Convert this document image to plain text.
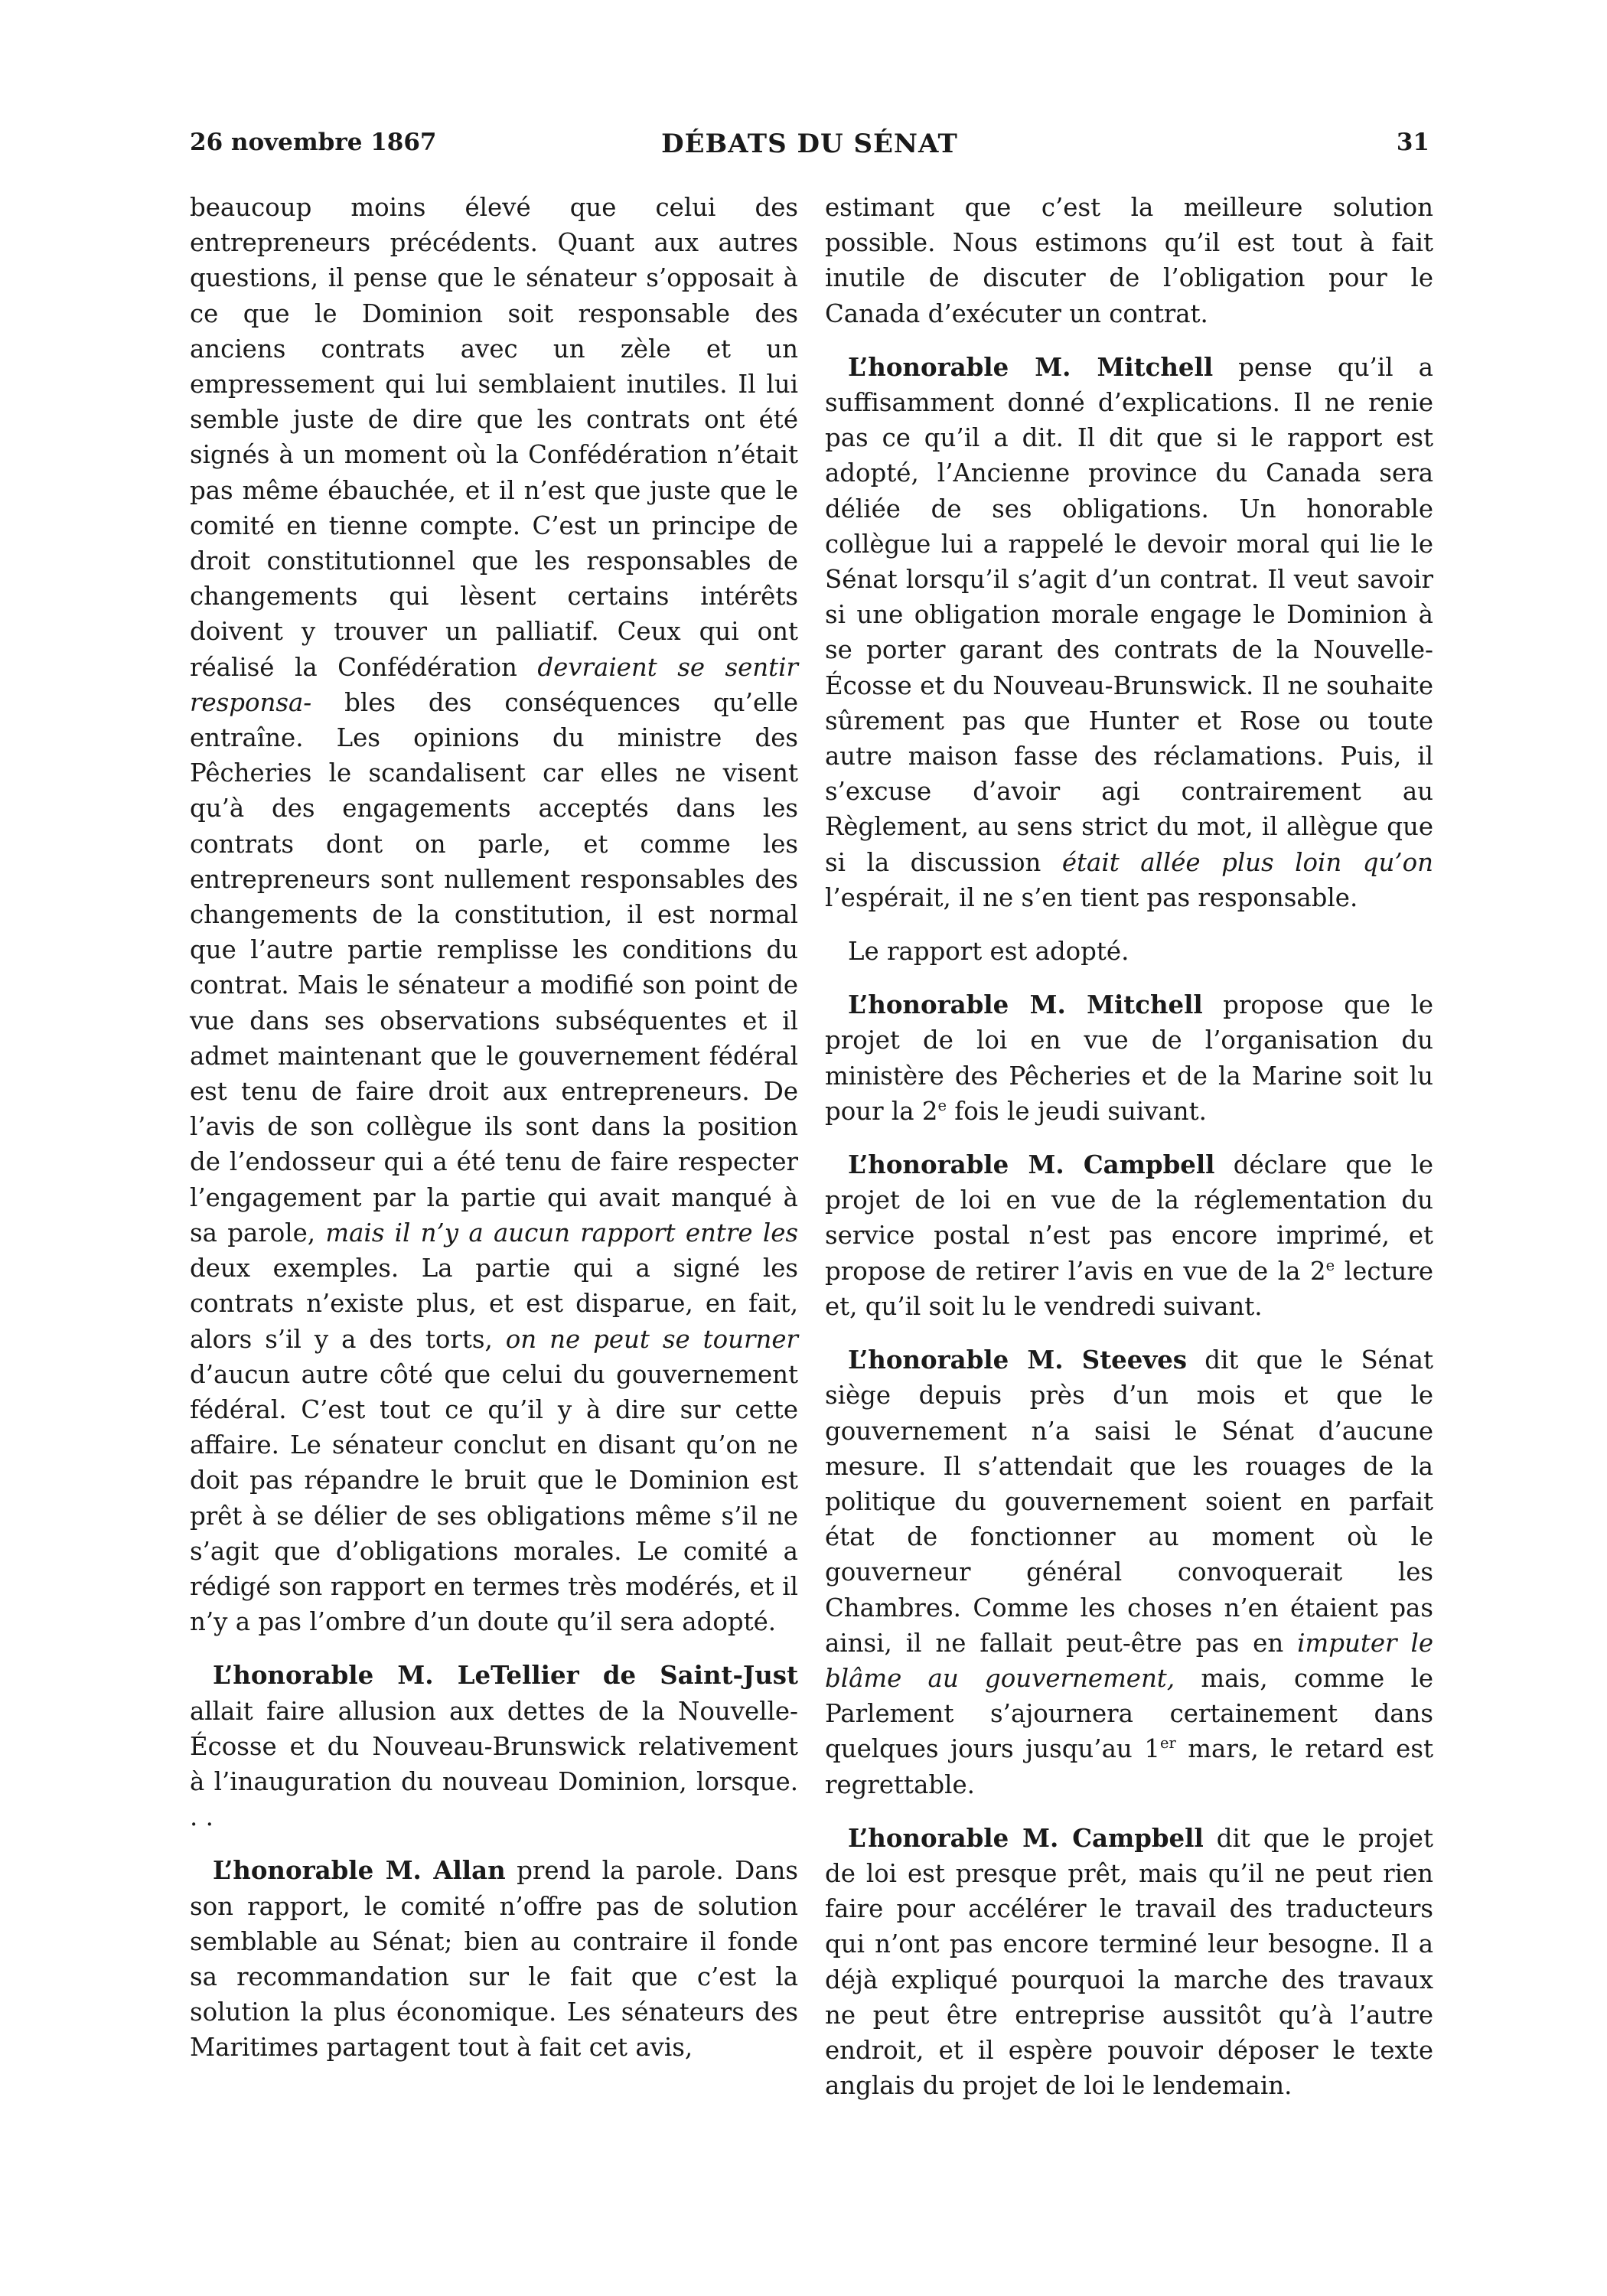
26 novembre 1867	DÉBATS DU SÉNAT	31

beaucoup moins élevé que celui des entrepreneurs précédents. Quant aux autres questions, il pense que le sénateur s’opposait à ce que le Dominion soit responsable des anciens contrats avec un zèle et un empressement qui lui semblaient inutiles. Il lui semble juste de dire que les contrats ont été signés à un moment où la Confédération n’était pas même ébauchée, et il n’est que juste que le comité en tienne compte. C’est un principe de droit constitutionnel que les responsables de changements qui lèsent certains intérêts doivent y trouver un palliatif. Ceux qui ont réalisé la Confédération devraient se sentir responsa- bles des conséquences qu’elle entraîne. Les opinions du ministre des Pêcheries le scandalisent car elles ne visent qu’à des engagements acceptés dans les contrats dont on parle, et comme les entrepreneurs sont nullement responsables des changements de la constitution, il est normal que l’autre partie remplisse les conditions du contrat. Mais le sénateur a modifié son point de vue dans ses observations subséquentes et il admet maintenant que le gouvernement fédéral est tenu de faire droit aux entrepreneurs. De l’avis de son collègue ils sont dans la position de l’endosseur qui a été tenu de faire respecter l’engagement par la partie qui avait manqué à sa parole, mais il n’y a aucun rapport entre les deux exemples. La partie qui a signé les contrats n’existe plus, et est disparue, en fait, alors s’il y a des torts, on ne peut se tourner d’aucun autre côté que celui du gouvernement fédéral. C’est tout ce qu’il y à dire sur cette affaire. Le sénateur conclut en disant qu’on ne doit pas répandre le bruit que le Dominion est prêt à se délier de ses obligations même s’il ne s’agit que d’obligations morales. Le comité a rédigé son rapport en termes très modérés, et il n’y a pas l’ombre d’un doute qu’il sera adopté.

L’honorable M. LeTellier de Saint-Just allait faire allusion aux dettes de la Nouvelle-Écosse et du Nouveau-Brunswick relativement à l’inauguration du nouveau Dominion, lorsque. . .

L’honorable M. Allan prend la parole. Dans son rapport, le comité n’offre pas de solution semblable au Sénat; bien au contraire il fonde sa recommandation sur le fait que c’est la solution la plus économique. Les sénateurs des Maritimes partagent tout à fait cet avis,

estimant que c’est la meilleure solution possible. Nous estimons qu’il est tout à fait inutile de discuter de l’obligation pour le Canada d’exécuter un contrat.

L’honorable M. Mitchell pense qu’il a suffisamment donné d’explications. Il ne renie pas ce qu’il a dit. Il dit que si le rapport est adopté, l’Ancienne province du Canada sera déliée de ses obligations. Un honorable collègue lui a rappelé le devoir moral qui lie le Sénat lorsqu’il s’agit d’un contrat. Il veut savoir si une obligation morale engage le Dominion à se porter garant des contrats de la Nouvelle-Écosse et du Nouveau-Brunswick. Il ne souhaite sûrement pas que Hunter et Rose ou toute autre maison fasse des réclamations. Puis, il s’excuse d’avoir agi contrairement au Règlement, au sens strict du mot, il allègue que si la discussion était allée plus loin qu’on l’espérait, il ne s’en tient pas responsable.

Le rapport est adopté.

L’honorable M. Mitchell propose que le projet de loi en vue de l’organisation du ministère des Pêcheries et de la Marine soit lu pour la 2e fois le jeudi suivant.

L’honorable M. Campbell déclare que le projet de loi en vue de la réglementation du service postal n’est pas encore imprimé, et propose de retirer l’avis en vue de la 2e lecture et, qu’il soit lu le vendredi suivant.

L’honorable M. Steeves dit que le Sénat siège depuis près d’un mois et que le gouvernement n’a saisi le Sénat d’aucune mesure. Il s’attendait que les rouages de la politique du gouvernement soient en parfait état de fonctionner au moment où le gouverneur général convoquerait les Chambres. Comme les choses n’en étaient pas ainsi, il ne fallait peut-être pas en imputer le blâme au gouvernement, mais, comme le Parlement s’ajournera certainement dans quelques jours jusqu’au 1er mars, le retard est regrettable.

L’honorable M. Campbell dit que le projet de loi est presque prêt, mais qu’il ne peut rien faire pour accélérer le travail des traducteurs qui n’ont pas encore terminé leur besogne. Il a déjà expliqué pourquoi la marche des travaux ne peut être entreprise aussitôt qu’à l’autre endroit, et il espère pouvoir déposer le texte anglais du projet de loi le lendemain.
